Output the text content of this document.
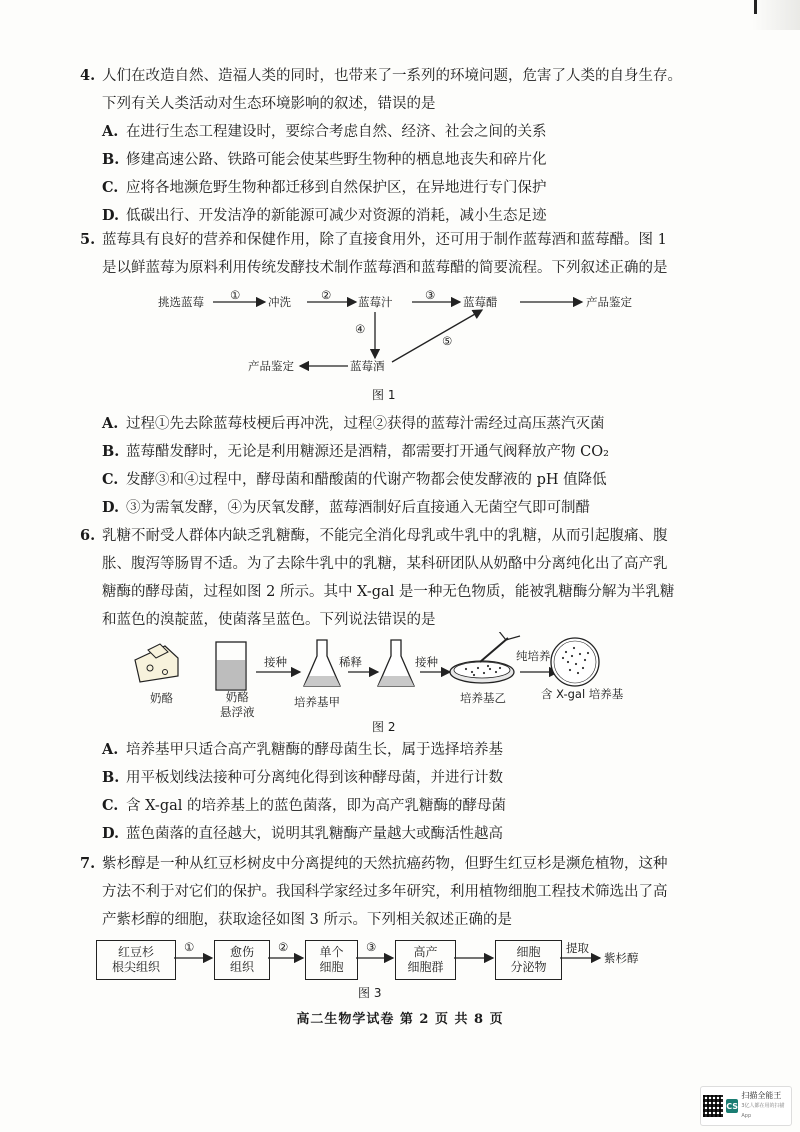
4. 人们在改造自然、造福人类的同时，也带来了一系列的环境问题，危害了人类的自身生存。
下列有关人类活动对生态环境影响的叙述，错误的是
A. 在进行生态工程建设时，要综合考虑自然、经济、社会之间的关系
B. 修建高速公路、铁路可能会使某些野生物种的栖息地丧失和碎片化
C. 应将各地濒危野生物种都迁移到自然保护区，在异地进行专门保护
D. 低碳出行、开发洁净的新能源可减少对资源的消耗，减小生态足迹
5. 蓝莓具有良好的营养和保健作用，除了直接食用外，还可用于制作蓝莓酒和蓝莓醋。图 1
是以鲜蓝莓为原料利用传统发酵技术制作蓝莓酒和蓝莓醋的简要流程。下列叙述正确的是
挑选蓝莓 ① 冲洗	② 蓝莓汁	③ 蓝莓醋	产品鉴定
④
⑤
蓝莓酒
产品鉴定
图 1
A. 过程①先去除蓝莓枝梗后再冲洗，过程②获得的蓝莓汁需经过高压蒸汽灭菌
B. 蓝莓醋发酵时，无论是利用糖源还是酒精，都需要打开通气阀释放产物 CO₂
C. 发酵③和④过程中，酵母菌和醋酸菌的代谢产物都会使发酵液的 pH 值降低
D. ③为需氧发酵，④为厌氧发酵，蓝莓酒制好后直接通入无菌空气即可制醋
6. 乳糖不耐受人群体内缺乏乳糖酶，不能完全消化母乳或牛乳中的乳糖，从而引起腹痛、腹
胀、腹泻等肠胃不适。为了去除牛乳中的乳糖，某科研团队从奶酪中分离纯化出了高产乳
糖酶的酵母菌，过程如图 2 所示。其中 X-gal 是一种无色物质，能被乳糖酶分解为半乳糖
和蓝色的溴靛蓝，使菌落呈蓝色。下列说法错误的是
奶酪	奶酪
悬浮液
接种
培养基甲
稀释	接种
培养基乙
纯培养
含 X-gal 培养基
图 2
A. 培养基甲只适合高产乳糖酶的酵母菌生长，属于选择培养基
B. 用平板划线法接种可分离纯化得到该种酵母菌，并进行计数
C. 含 X-gal 的培养基上的蓝色菌落，即为高产乳糖酶的酵母菌
D. 蓝色菌落的直径越大，说明其乳糖酶产量越大或酶活性越高
7. 紫杉醇是一种从红豆杉树皮中分离提纯的天然抗癌药物，但野生红豆杉是濒危植物，这种
方法不利于对它们的保护。我国科学家经过多年研究，利用植物细胞工程技术筛选出了高
产紫杉醇的细胞，获取途径如图 3 所示。下列相关叙述正确的是
红豆杉
根尖组织
①	愈伤
组织
②	单个
细胞
③	高产
细胞群
细胞
分泌物
提取
紫杉醇
图 3
高二生物学试卷 第 2 页 共 8 页
CS
扫描全能王
3亿人都在用的扫描App
